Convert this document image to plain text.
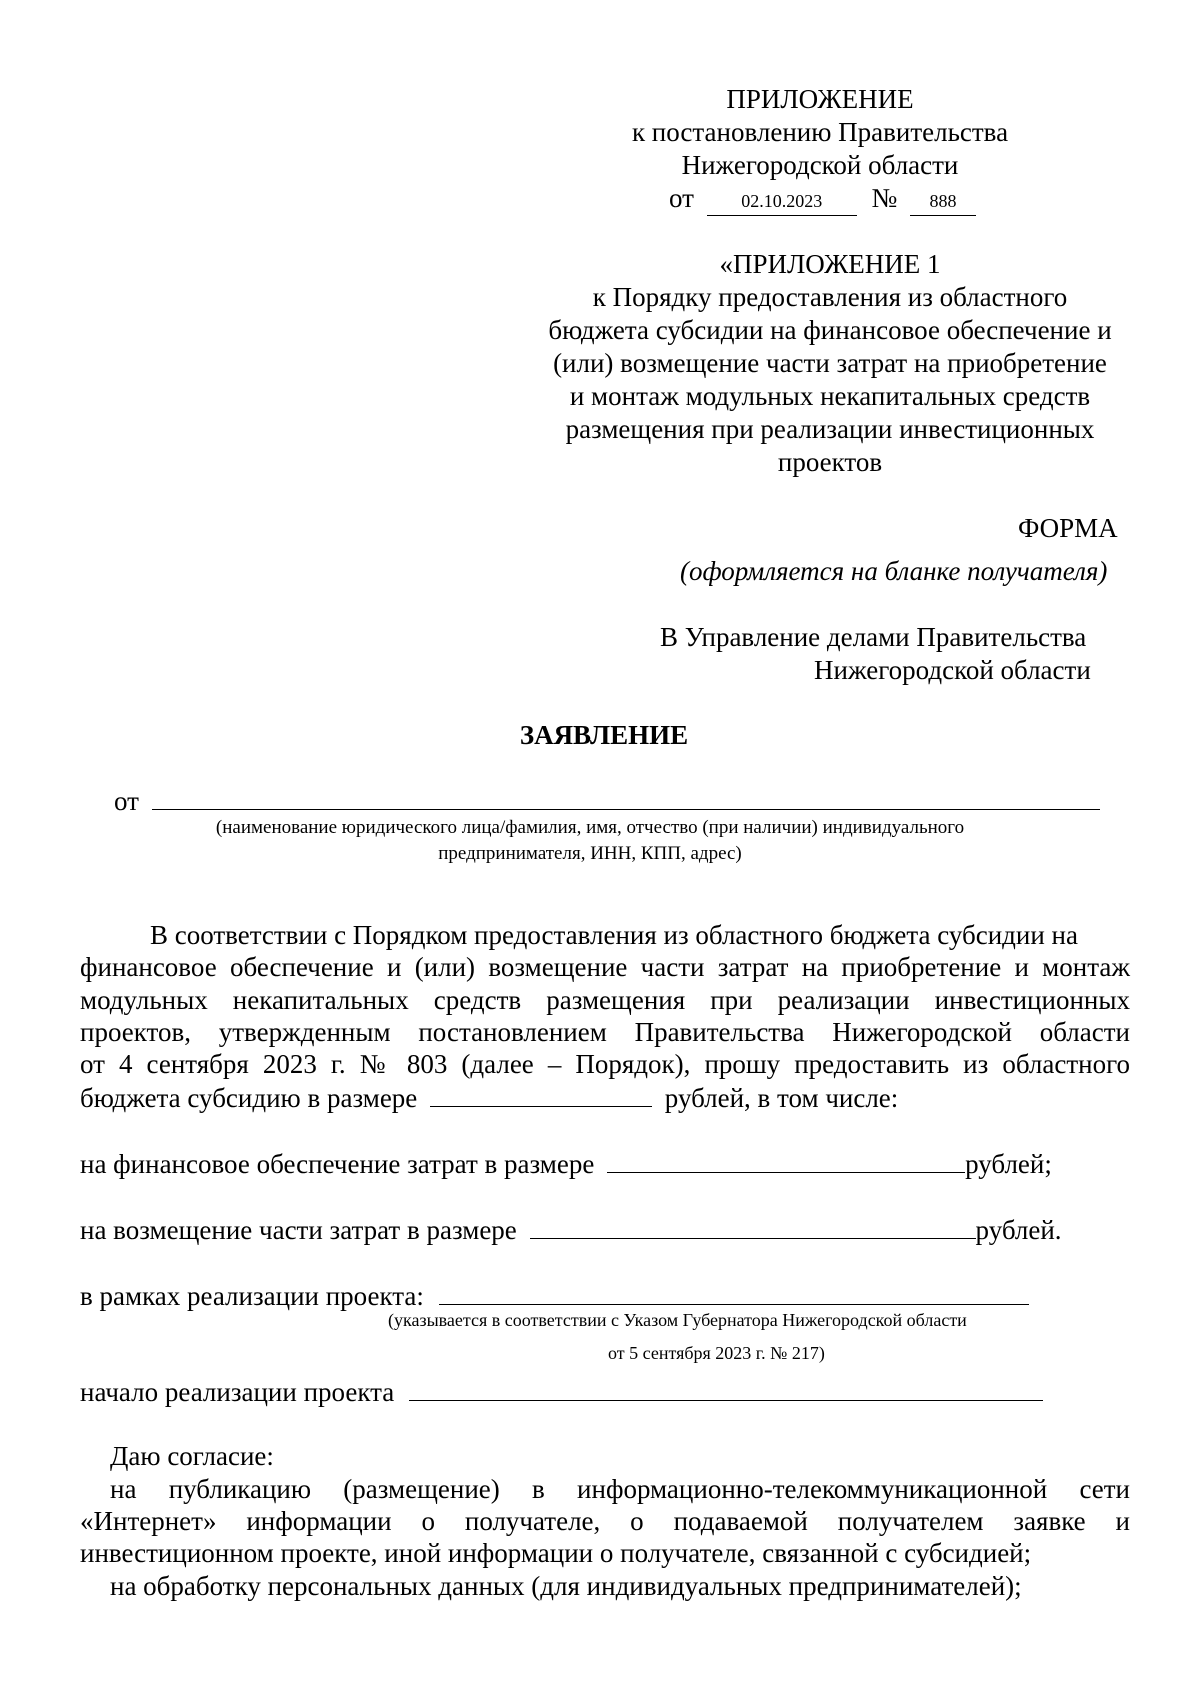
ПРИЛОЖЕНИЕ
к постановлению Правительства
Нижегородской области
от	02.10.2023 № 888
«ПРИЛОЖЕНИЕ 1
к Порядку предоставления из областного
бюджета субсидии на финансовое обеспечение и
(или) возмещение части затрат на приобретение
и монтаж модульных некапитальных средств
размещения при реализации инвестиционных
проектов
ФОРМА
(оформляется на бланке получателя)
В Управление делами Правительства
Нижегородской области
ЗАЯВЛЕНИЕ
от
(наименование юридического лица/фамилия, имя, отчество (при наличии) индивидуального
предпринимателя, ИНН, КПП, адрес)
В соответствии с Порядком предоставления из областного бюджета субсидии на
финансовое обеспечение и (или) возмещение части затрат на приобретение и монтаж
модульных некапитальных средств размещения при реализации инвестиционных
проектов, утвержденным постановлением Правительства Нижегородской области
от 4 сентября 2023 г. № 803 (далее – Порядок), прошу предоставить из областного
бюджета субсидию в размере	рублей, в том числе:
на финансовое обеспечение затрат в размере	рублей;
на возмещение части затрат в размере	рублей.
в рамках реализации проекта:
(указывается в соответствии с Указом Губернатора Нижегородской области
от 5 сентября 2023 г. № 217)
начало реализации проекта
Даю согласие:
на публикацию (размещение) в информационно-телекоммуникационной сети
«Интернет» информации о получателе, о подаваемой получателем заявке и
инвестиционном проекте, иной информации о получателе, связанной с субсидией;
на обработку персональных данных (для индивидуальных предпринимателей);
